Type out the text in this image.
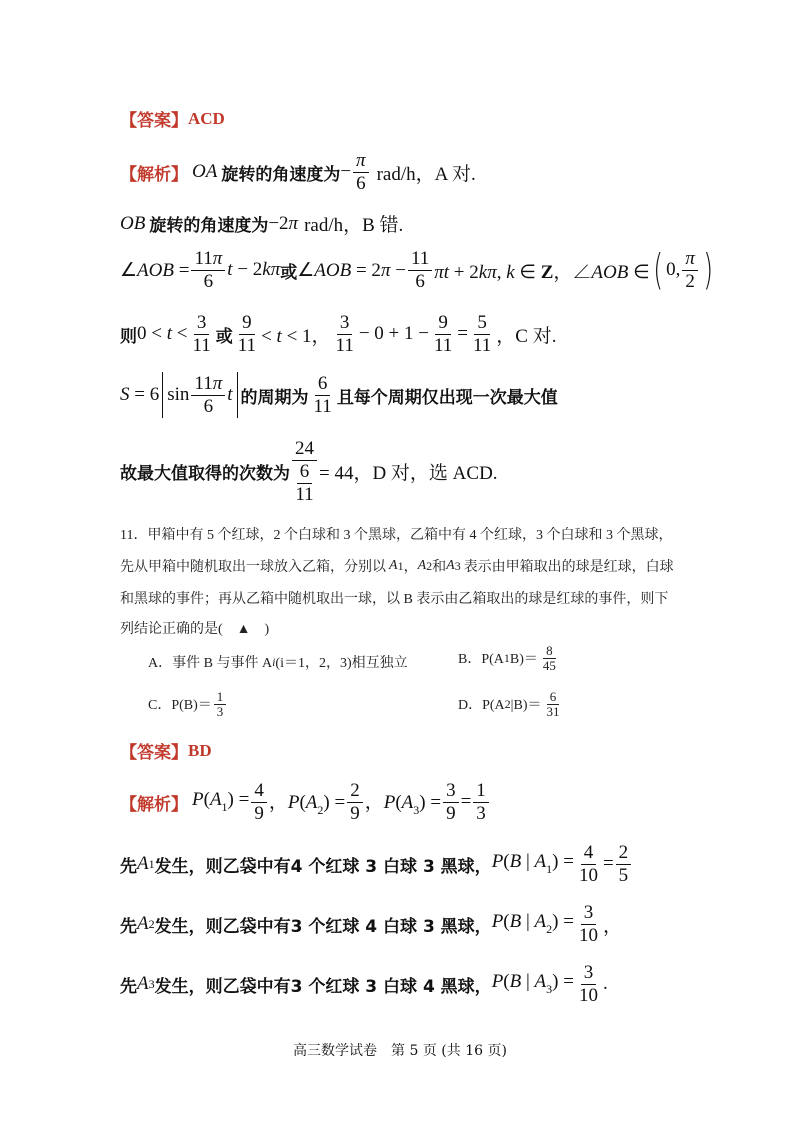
【答案】 ACD
【解析】 OA 旋转的角速度为 − $\frac{\pi}{6} rad/h$，A 对.
OB 旋转的角速度为 −2π rad/h，B 错.
∠AOB = $\frac{11\pi}{6}$ t − 2kπ 或 ∠AOB = $2\pi - \frac{11}{6}$ πt + 2kπ, k ∈ Z，∠AOB ∈ ( 0, $\frac{\pi}{2}$ )
则 $0 < t < \frac{3}{11}$ 或 $\frac{9}{11} < t < 1$， $\frac{3}{11} - 0 + 1 - \frac{9}{11} = \frac{5}{11}$ ，C 对.
S = 6 $\sin \frac{11\pi}{6}$ t 的周期为 $\frac{6}{11}$ 且每个周期仅出现一次最大值
故最大值取得的次数为 24
6
11 = 44，D 对，选 ACD.
11．甲箱中有 5 个红球，2 个白球和 3 个黑球，乙箱中有 4 个红球，3 个白球和 3 个黑球，
先从甲箱中随机取出一球放入乙箱，分别以 A 1 ， A 2 和 A 3 表示由甲箱取出的球是红球，白球
和黑球的事件；再从乙箱中随机取出一球，以 B 表示由乙箱取出的球是红球的事件，则下
列结论正确的是(　▲　)
A．事件 B 与事件 A i (i＝1，2，3)相互独立	B．P(A 1 $B)= \frac{8}{45}$
C．$P(B)= \frac{1}{3}$	D．P(A 2 $|B)= \frac{6}{31}$
【答案】 BD
【解析】 $P(A_1) = \frac{4}{9}$ ，$P(A_2) = \frac{2}{9}$ ，$P(A_3) = \frac{3}{9} = \frac{1}{3}$
先 A 1 发生，则乙袋中有 4 个红球 3 白球 3 黑球， P(B | $A_1) = \frac{4}{10} = \frac{2}{5}$
先 A 2 发生，则乙袋中有 3 个红球 4 白球 3 黑球， P(B | $A_2) = \frac{3}{10}$ ，
先 A 3 发生，则乙袋中有 3 个红球 3 白球 4 黑球， P(B | $A_3) = \frac{3}{10}$ .
高三数学试卷　第 5 页 (共 16 页)
